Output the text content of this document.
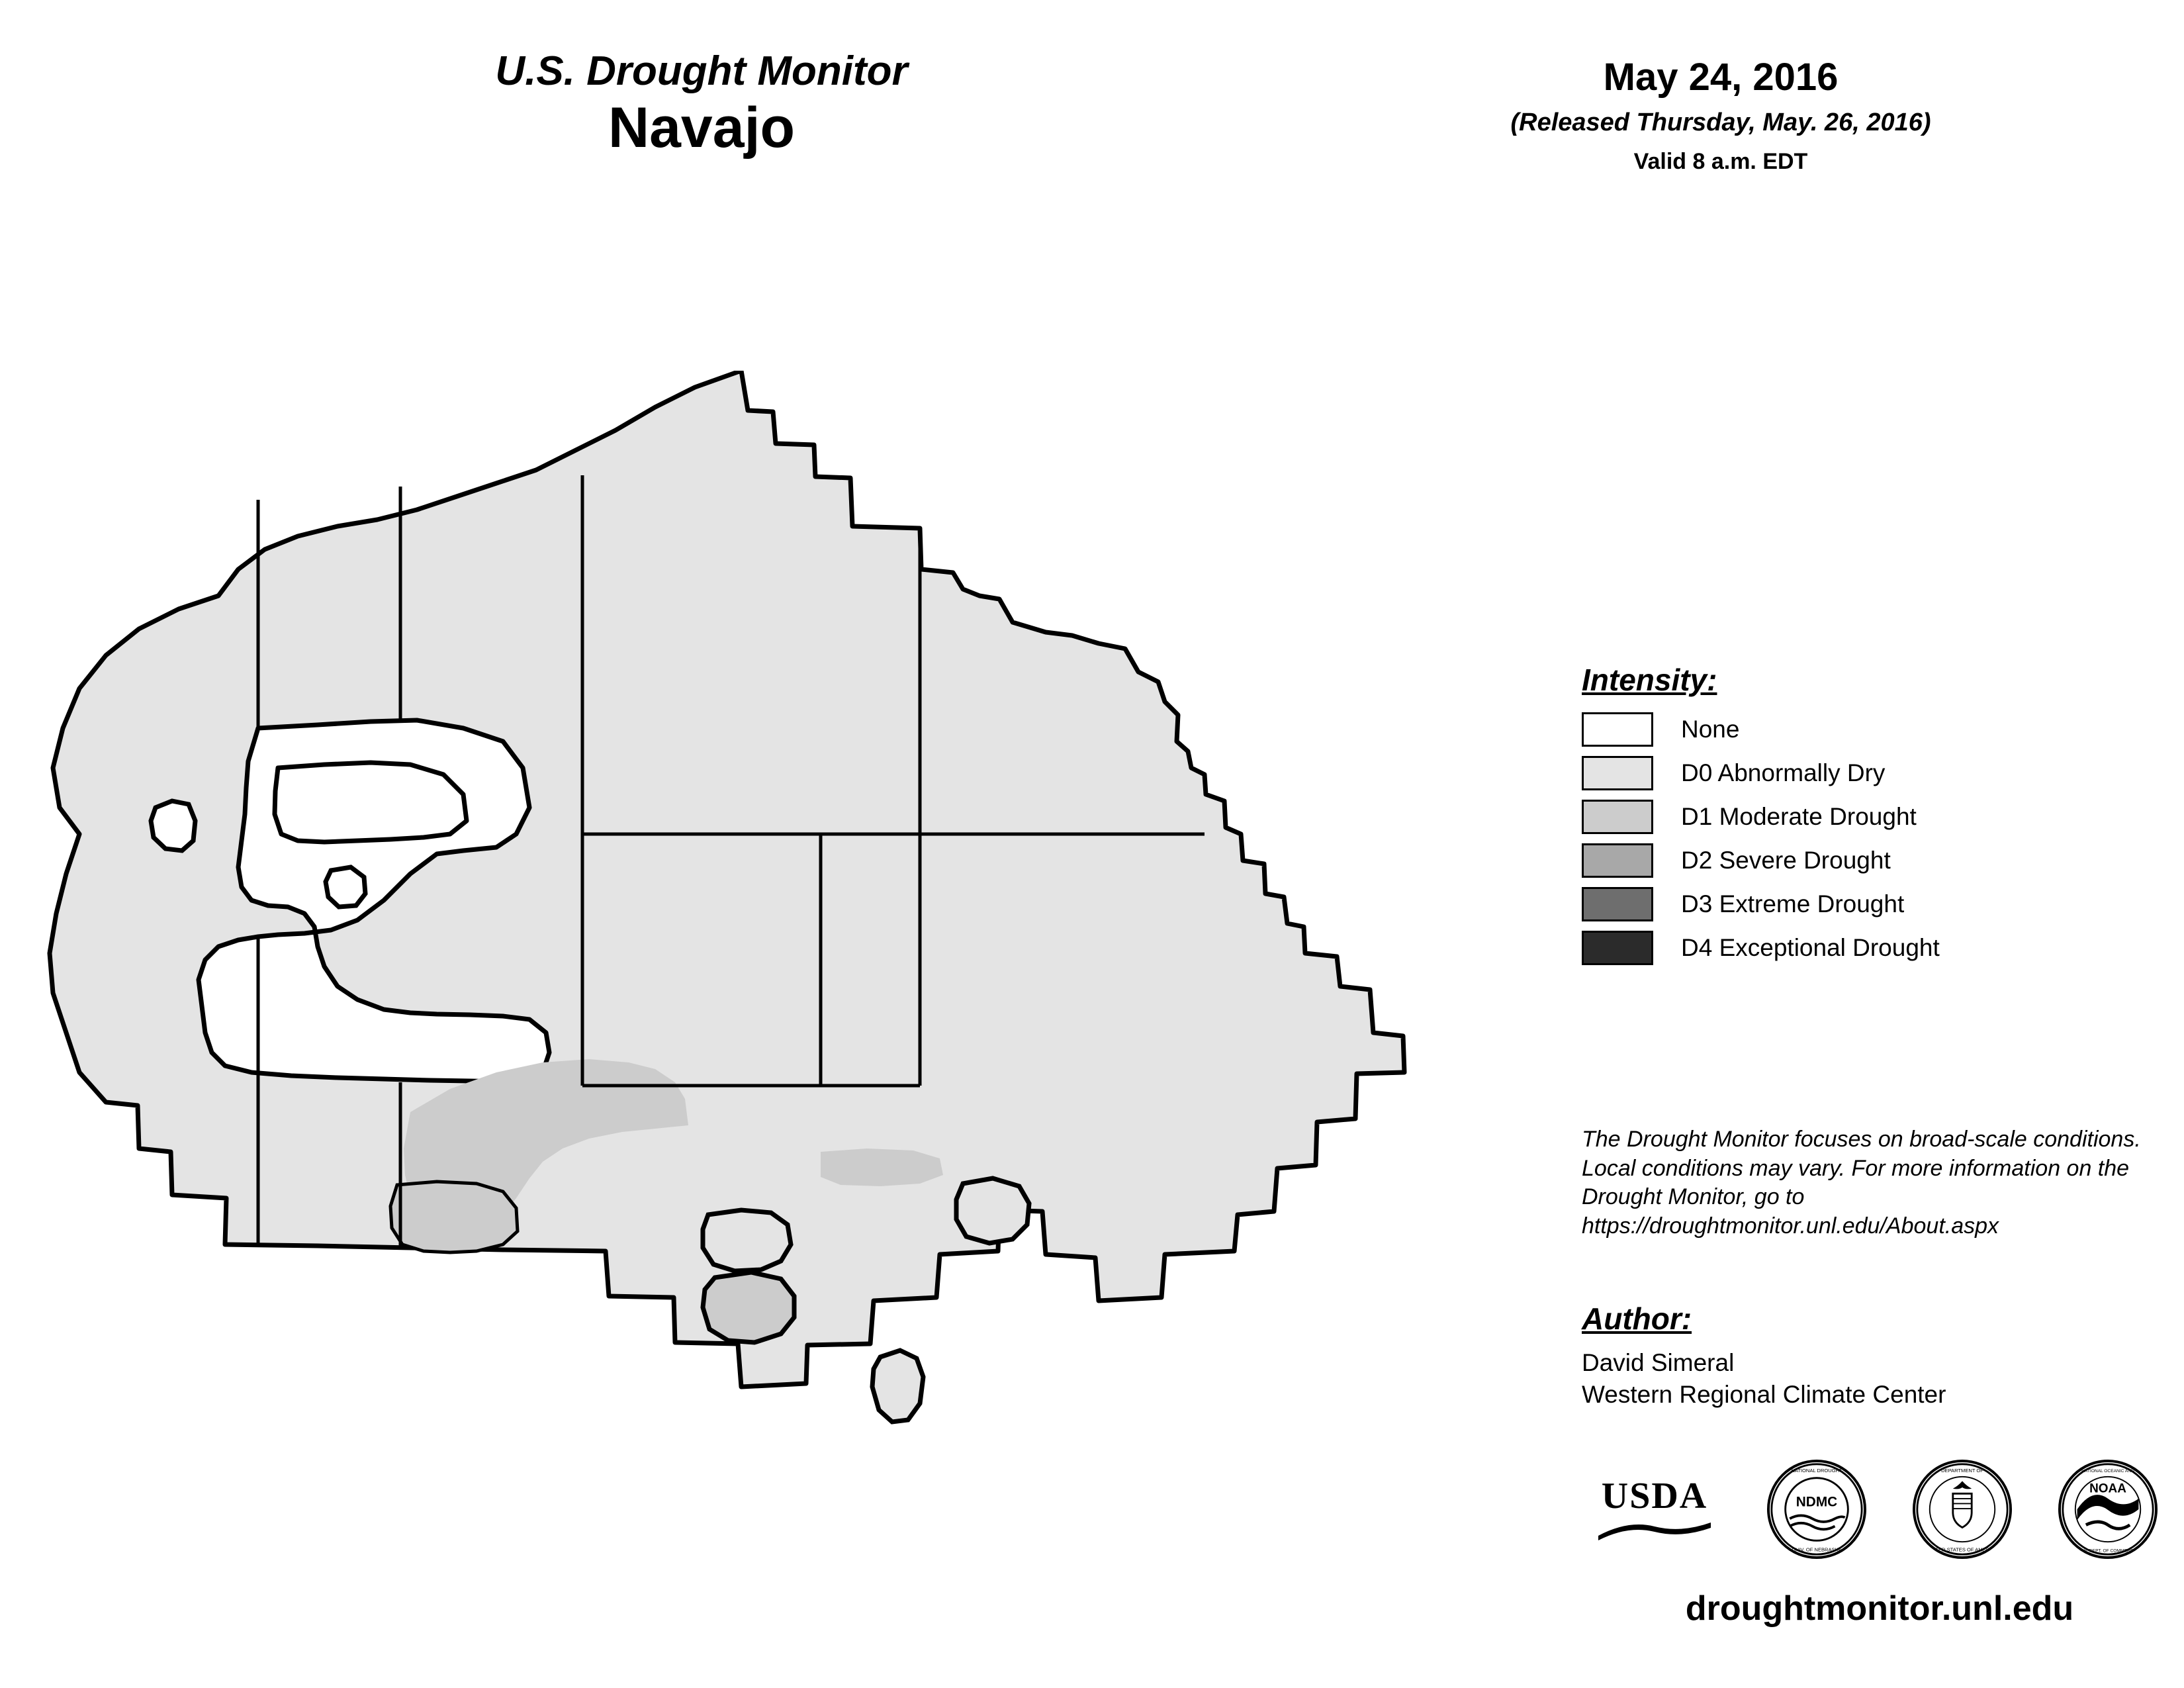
U.S. Drought Monitor
Navajo
May 24, 2016
(Released Thursday, May. 26, 2016)
Valid 8 a.m. EDT
Intensity:
None
D0 Abnormally Dry
D1 Moderate Drought
D2 Severe Drought
D3 Extreme Drought
D4 Exceptional Drought
The Drought Monitor focuses on broad-scale conditions. Local conditions may vary. For more information on the Drought Monitor, go to https://droughtmonitor.unl.edu/About.aspx
Author:
David Simeral
Western Regional Climate Center
USDA	NDMC
NATIONAL DROUGHT
UNIV. OF NEBRASKA
DEPARTMENT OF
UNITED STATES OF AMERICA
NOAA
NATIONAL OCEANIC AND
U.S. DEPT. OF COMMERCE
droughtmonitor.unl.edu
